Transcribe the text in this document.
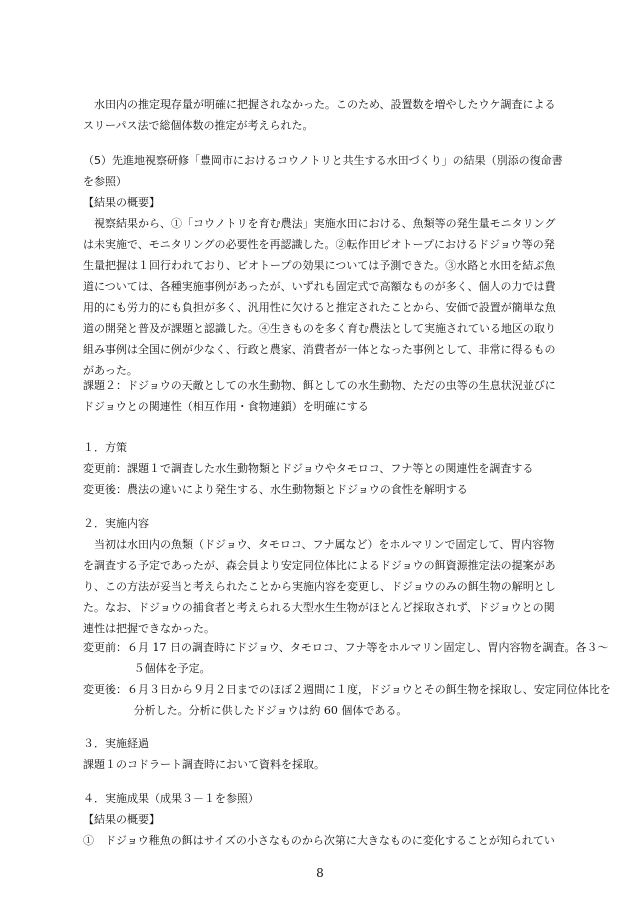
水田内の推定現存量が明確に把握されなかった。このため、設置数を増やしたウケ調査によるスリーパス法で総個体数の推定が考えられた。

（5）先進地視察研修「豊岡市におけるコウノトリと共生する水田づくり」の結果（別添の復命書を参照）

【結果の概要】

視察結果から、①「コウノトリを育む農法」実施水田における、魚類等の発生量モニタリングは未実施で、モニタリングの必要性を再認識した。②転作田ビオトープにおけるドジョウ等の発生量把握は１回行われており、ビオトープの効果については予測できた。③水路と水田を結ぶ魚道については、各種実施事例があったが、いずれも固定式で高額なものが多く、個人の力では費用的にも労力的にも負担が多く、汎用性に欠けると推定されたことから、安価で設置が簡単な魚道の開発と普及が課題と認識した。④生きものを多く育む農法として実施されている地区の取り組み事例は全国に例が少なく、行政と農家、消費者が一体となった事例として、非常に得るものがあった。

課題２：ドジョウの天敵としての水生動物、餌としての水生動物、ただの虫等の生息状況並びにドジョウとの関連性（相互作用・食物連鎖）を明確にする

１．方策

変更前：課題１で調査した水生動物類とドジョウやタモロコ、フナ等との関連性を調査する

変更後：農法の違いにより発生する、水生動物類とドジョウの食性を解明する

２．実施内容

当初は水田内の魚類（ドジョウ、タモロコ、フナ属など）をホルマリンで固定して、胃内容物を調査する予定であったが、森会員より安定同位体比によるドジョウの餌資源推定法の提案があり、この方法が妥当と考えられたことから実施内容を変更し、ドジョウのみの餌生物の解明とした。なお、ドジョウの捕食者と考えられる大型水生生物がほとんど採取されず、ドジョウとの関連性は把握できなかった。

変更前：６月 17 日の調査時にドジョウ、タモロコ、フナ等をホルマリン固定し、胃内容物を調査。各３～５個体を予定。

変更後：６月３日から９月２日までのほぼ２週間に１度，ドジョウとその餌生物を採取し、安定同位体比を分析した。分析に供したドジョウは約 60 個体である。

３．実施経過

課題１のコドラート調査時において資料を採取。

４．実施成果（成果３－１を参照）

【結果の概要】

①　ドジョウ稚魚の餌はサイズの小さなものから次第に大きなものに変化することが知られてい

8
